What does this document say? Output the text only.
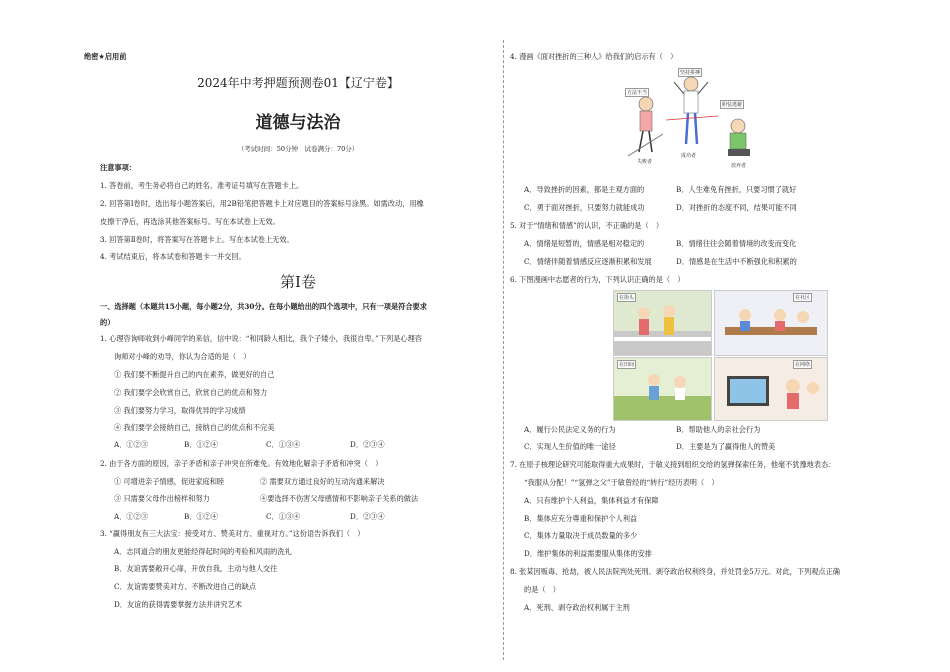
绝密★启用前
2024年中考押题预测卷01【辽宁卷】
道德与法治
（考试时间：50分钟　试卷满分：70分）
注意事项：
1. 答卷前，考生务必将自己的姓名、准考证号填写在答题卡上。
2. 回答第Ⅰ卷时，选出每小题答案后，用2B铅笔把答题卡上对应题目的答案标号涂黑。如需改动，用橡
皮擦干净后，再选涂其他答案标号。写在本试卷上无效。
3. 回答第Ⅱ卷时，将答案写在答题卡上。写在本试卷上无效。
4. 考试结束后，将本试卷和答题卡一并交回。
第Ⅰ卷
一、选择题（本题共15小题，每小题2分，共30分。在每小题给出的四个选项中，只有一项是符合要求
的）
1. 心理咨询师收到小峰同学的来信，信中说：“和同龄人相比，我个子矮小，我很自卑。”下列是心理咨
询师对小峰的劝导，你认为合适的是（　）
① 我们要不断提升自己的内在素养，做更好的自己
② 我们要学会欣赏自己，欣赏自己的优点和努力
③ 我们要努力学习，取得优异的学习成绩
④ 我们要学会接纳自己，接纳自己的优点和不完美
A．①②③	B．①②④	C．①③④	D．②③④
2. 由于各方面的原因，亲子矛盾和亲子冲突在所难免。有效地化解亲子矛盾和冲突（　）
① 可增进亲子情感，促进家庭和睦	② 需要双方通过良好的互动沟通来解决
③ 只需要父母作出榜样和努力	④要选择不伤害父母感情和不影响亲子关系的做法
A．①②③	B．①②④	C．①③④	D．②③④
3. “赢得朋友有三大法宝：接受对方、赞美对方、重视对方。”这份语告诉我们（　）
A．志同道合的朋友更能经得起时间的考验和风雨的洗礼
B．友谊需要敞开心扉，开放自我，主动与他人交往
C．友谊需要赞美对方、不断改进自己的缺点
D．友谊的获得需要掌握方法并讲究艺术
4. 漫画《面对挫折的三种人》给我们的启示有（　）
方法不当
坚持拼搏
胆怯逃避
失败者
成功者
放弃者
A．导致挫折的因素，都是主观方面的	B．人生难免有挫折，只要习惯了就好
C．勇于面对挫折，只要努力就能成功	D．对挫折的态度不同，结果可能不同
5. 对于“情绪和情感”的认识，不正确的是（　）
A．情绪是短暂的，情感是相对稳定的	B．情绪往往会随着情境的改变而变化
C．情绪伴随着情感反应逐渐积累和发展	D．情感是在生活中不断强化和积累的
6. 下图漫画中志愿者的行为，下列认识正确的是（　）
在街头	在社区
在田间	在网络
A．履行公民法定义务的行为	B．帮助他人的亲社会行为
C．实现人生价值的唯一途径	D．主要是为了赢得他人的赞美
7. 在原子核理论研究可能取得重大成果时，于敏义接到组织交给的氢弹探索任务，他毫不犹豫地表态：
“我服从分配！”“氢弹之父”于敏曾经的“转行”经历表明（　）
A．只有维护个人利益，集体利益才有保障
B．集体应充分尊重和保护个人利益
C．集体力量取决于成员数量的多少
D．维护集体的利益需要服从集体的安排
8. 张某因贩毒、抢劫，被人民法院判处死刑、剥夺政治权利终身，并处罚金5万元。对此，下列观点正确
的是（　）
A．死刑、剥夺政治权利属于主刑
